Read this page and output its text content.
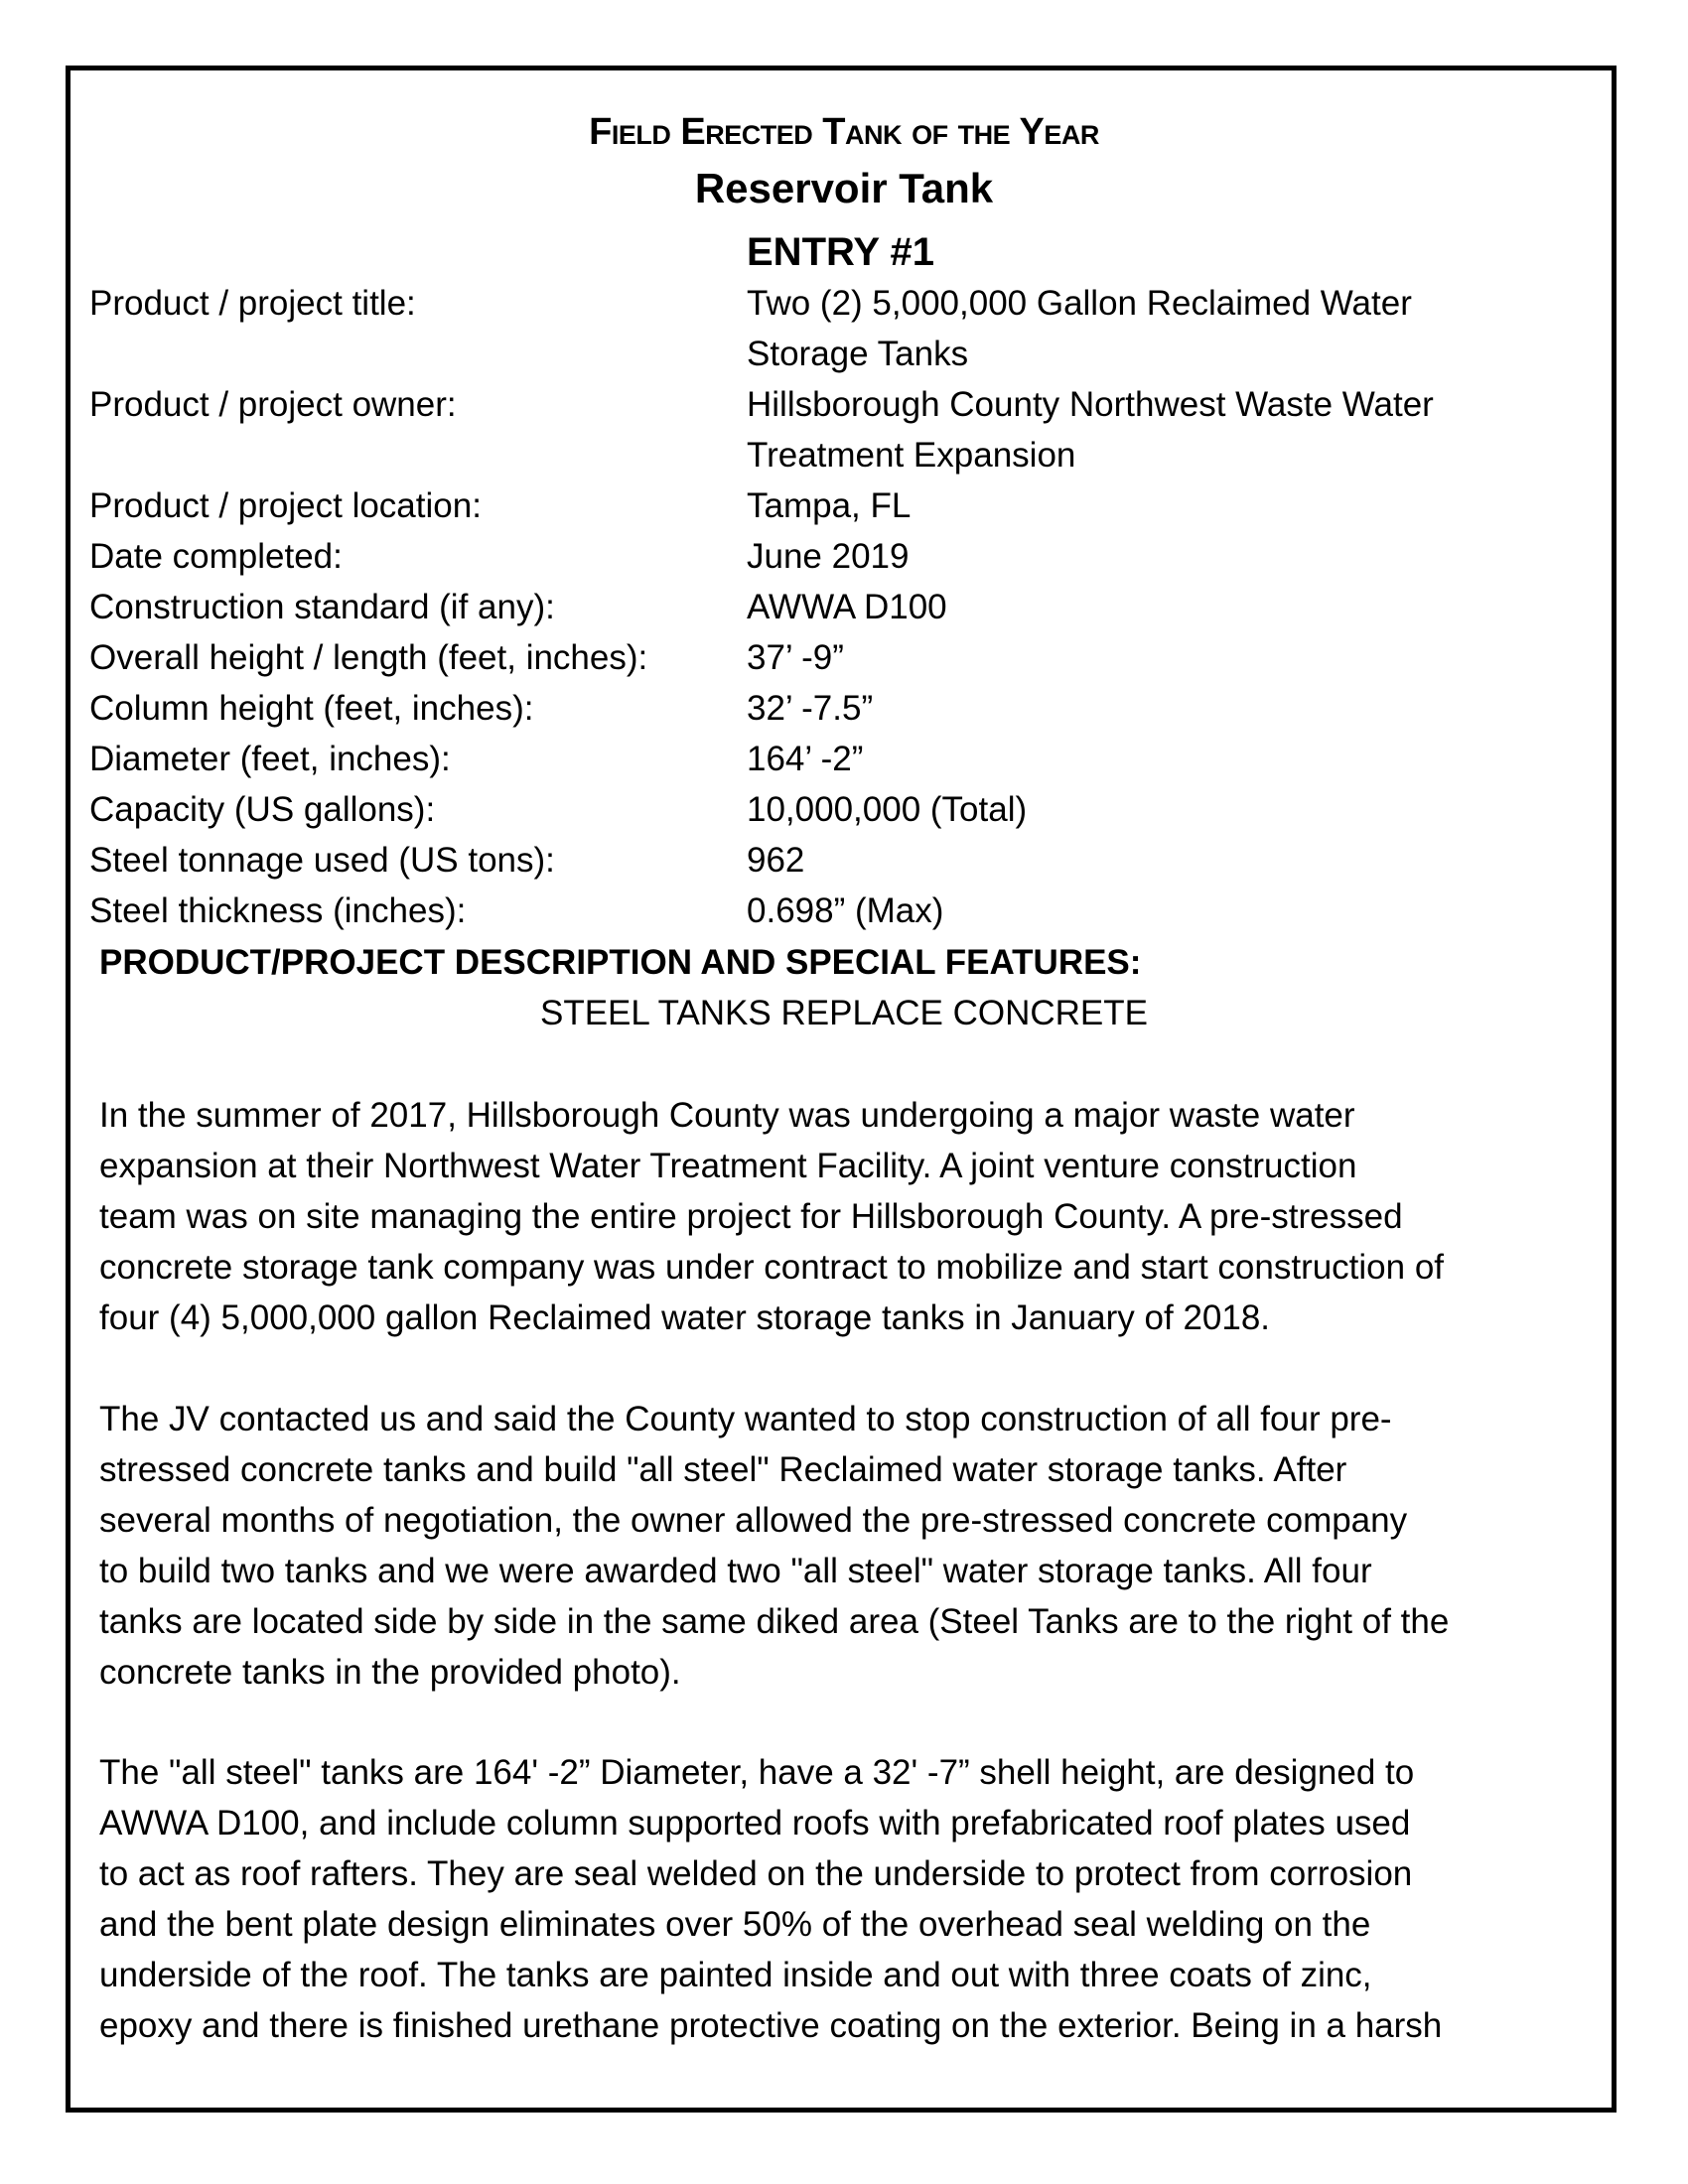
Field Erected Tank of the Year
Reservoir Tank
ENTRY #1
Product / project title:	Two (2) 5,000,000 Gallon Reclaimed Water
Storage Tanks
Product / project owner:	Hillsborough County Northwest Waste Water
Treatment Expansion
Product / project location:	Tampa, FL
Date completed:	June 2019
Construction standard (if any):	AWWA D100
Overall height / length (feet, inches):	37’ -9”
Column height (feet, inches):	32’ -7.5”
Diameter (feet, inches):	164’ -2”
Capacity (US gallons):	10,000,000 (Total)
Steel tonnage used (US tons):	962
Steel thickness (inches):	0.698” (Max)
PRODUCT/PROJECT DESCRIPTION AND SPECIAL FEATURES:
STEEL TANKS REPLACE CONCRETE
In the summer of 2017, Hillsborough County was undergoing a major waste water
expansion at their Northwest Water Treatment Facility. A joint venture construction
team was on site managing the entire project for Hillsborough County. A pre-stressed
concrete storage tank company was under contract to mobilize and start construction of
four (4) 5,000,000 gallon Reclaimed water storage tanks in January of 2018.
The JV contacted us and said the County wanted to stop construction of all four pre-
stressed concrete tanks and build "all steel" Reclaimed water storage tanks. After
several months of negotiation, the owner allowed the pre-stressed concrete company
to build two tanks and we were awarded two "all steel" water storage tanks. All four
tanks are located side by side in the same diked area (Steel Tanks are to the right of the
concrete tanks in the provided photo).
The "all steel" tanks are 164' -2” Diameter, have a 32' -7” shell height, are designed to
AWWA D100, and include column supported roofs with prefabricated roof plates used
to act as roof rafters. They are seal welded on the underside to protect from corrosion
and the bent plate design eliminates over 50% of the overhead seal welding on the
underside of the roof. The tanks are painted inside and out with three coats of zinc,
epoxy and there is finished urethane protective coating on the exterior. Being in a harsh
